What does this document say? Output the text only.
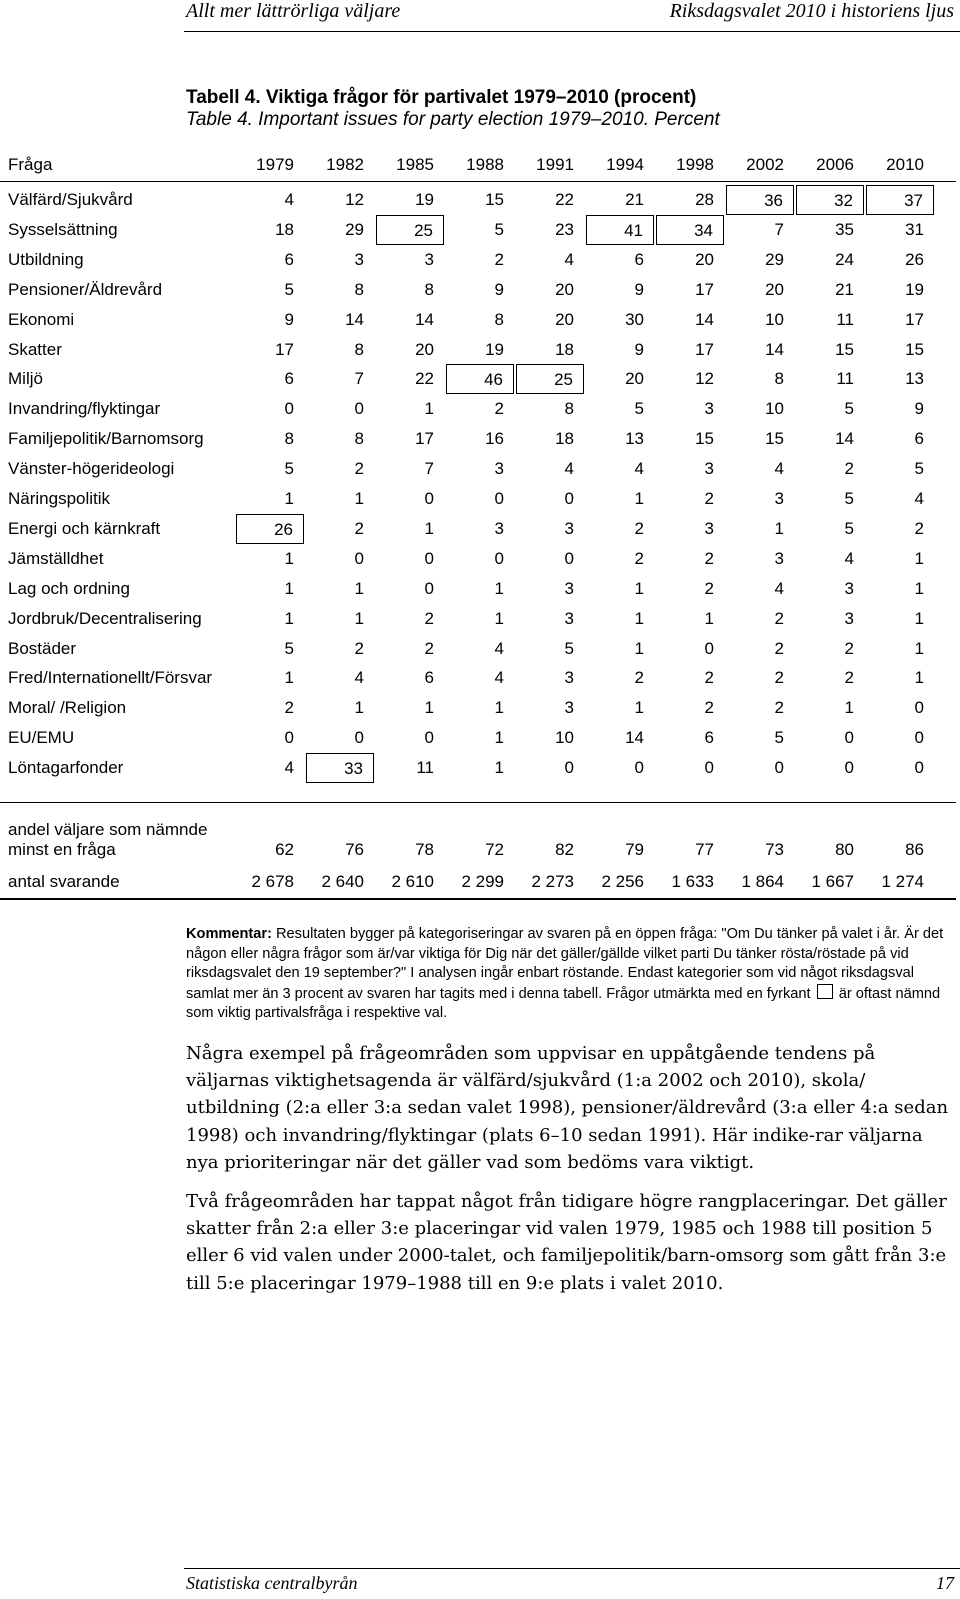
Allt mer lättrörliga väljare	Riksdagsvalet 2010 i historiens ljus
Tabell 4. Viktiga frågor för partivalet 1979–2010 (procent)
Table 4. Important issues for party election 1979–2010. Percent
Fråga	1979	1982	1985	1988	1991	1994	1998	2002	2006	2010
Välfärd/Sjukvård	4	12	19	15	22	21	28	36	32	37
Sysselsättning	18	29	25	5	23	41	34	7	35	31
Utbildning	6	3	3	2	4	6	20	29	24	26
Pensioner/Äldrevård	5	8	8	9	20	9	17	20	21	19
Ekonomi	9	14	14	8	20	30	14	10	11	17
Skatter	17	8	20	19	18	9	17	14	15	15
Miljö	6	7	22	46	25	20	12	8	11	13
Invandring/flyktingar	0	0	1	2	8	5	3	10	5	9
Familjepolitik/Barnomsorg	8	8	17	16	18	13	15	15	14	6
Vänster-högerideologi	5	2	7	3	4	4	3	4	2	5
Näringspolitik	1	1	0	0	0	1	2	3	5	4
Energi och kärnkraft	26	2	1	3	3	2	3	1	5	2
Jämställdhet	1	0	0	0	0	2	2	3	4	1
Lag och ordning	1	1	0	1	3	1	2	4	3	1
Jordbruk/Decentralisering	1	1	2	1	3	1	1	2	3	1
Bostäder	5	2	2	4	5	1	0	2	2	1
Fred/Internationellt/Försvar	1	4	6	4	3	2	2	2	2	1
Moral/ /Religion	2	1	1	1	3	1	2	2	1	0
EU/EMU	0	0	0	1	10	14	6	5	0	0
Löntagarfonder	4	33	11	1	0	0	0	0	0	0
andel väljare som nämnde
minst en fråga	62	76	78	72	82	79	77	73	80	86
antal svarande	2 678	2 640	2 610	2 299	2 273	2 256	1 633	1 864	1 667	1 274
Kommentar: Resultaten bygger på kategoriseringar av svaren på en öppen fråga: "Om Du tänker på valet i år. Är det någon eller några frågor som är/var viktiga för Dig när det gäller/gällde vilket parti Du tänker rösta/röstade på vid riksdagsvalet den 19 september?" I analysen ingår enbart röstande. Endast kategorier som vid något riksdagsval samlat mer än 3 procent av svaren har tagits med i denna tabell. Frågor utmärkta med en fyrkant  är oftast nämnd som viktig partivalsfråga i respektive val.
Några exempel på frågeområden som uppvisar en uppåtgående tendens på väljarnas viktighetsagenda är välfärd/sjukvård (1:a 2002 och 2010), skola/ utbildning (2:a eller 3:a sedan valet 1998), pensioner/äldrevård (3:a eller 4:a sedan 1998) och invandring/flyktingar (plats 6–10 sedan 1991). Här indike-rar väljarna nya prioriteringar när det gäller vad som bedöms vara viktigt.
Två frågeområden har tappat något från tidigare högre rangplaceringar. Det gäller skatter från 2:a eller 3:e placeringar vid valen 1979, 1985 och 1988 till position 5 eller 6 vid valen under 2000-talet, och familjepolitik/barn-omsorg som gått från 3:e till 5:e placeringar 1979–1988 till en 9:e plats i valet 2010.
Statistiska centralbyrån	17
